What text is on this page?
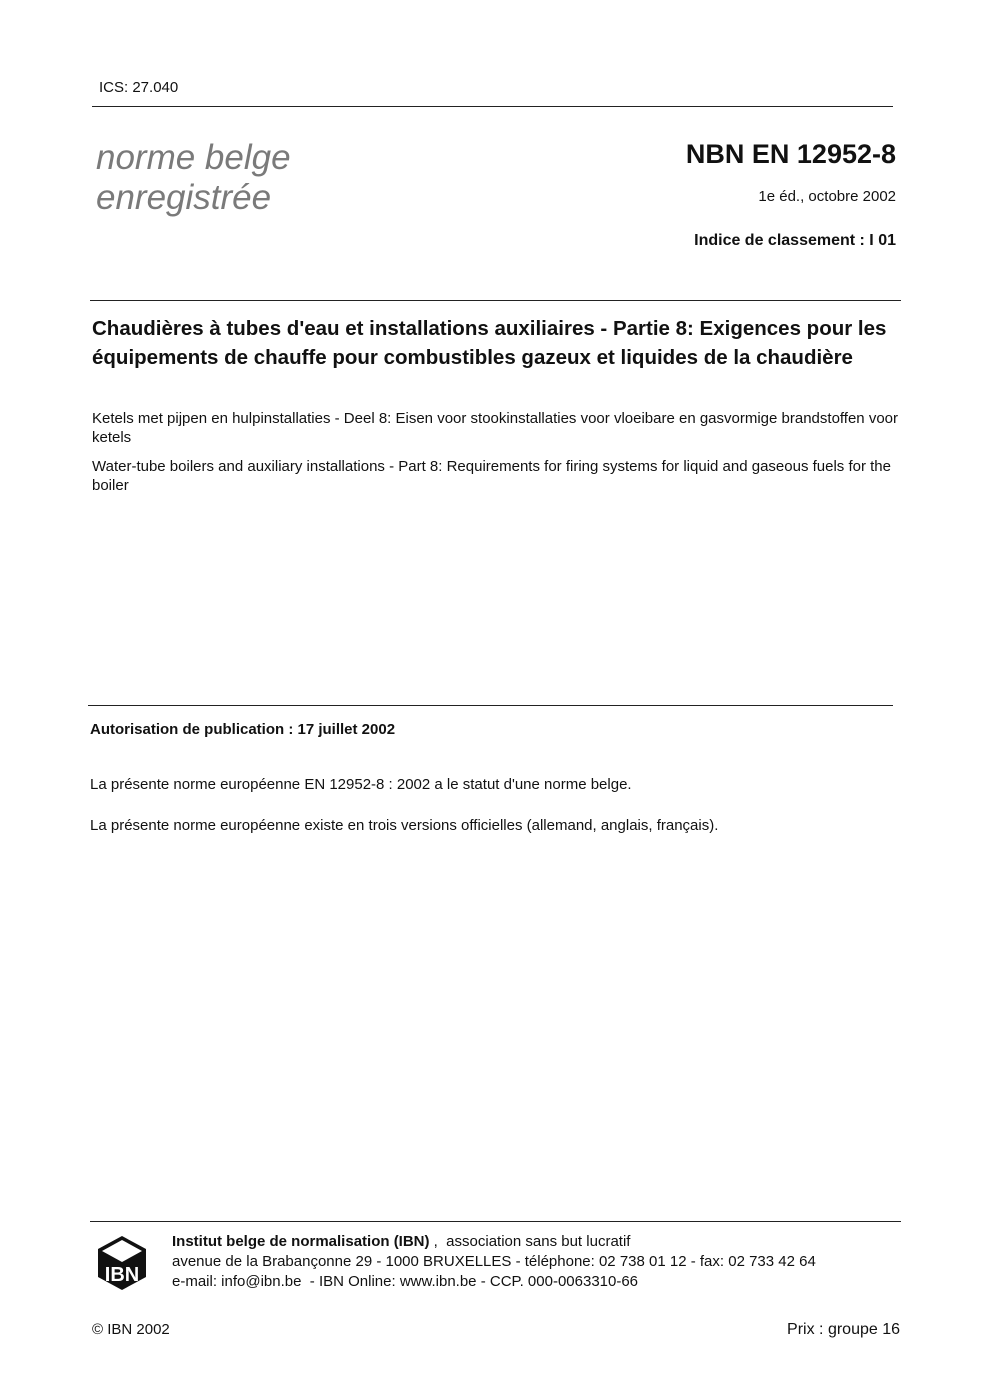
ICS: 27.040
norme belge
enregistrée
NBN EN 12952-8
1e éd., octobre 2002
Indice de classement : I 01
Chaudières à tubes d'eau et installations auxiliaires - Partie 8: Exigences pour les équipements de chauffe pour combustibles gazeux et liquides de la chaudière
Ketels met pijpen en hulpinstallaties - Deel 8: Eisen voor stookinstallaties voor vloeibare en gasvormige brandstoffen voor ketels
Water-tube boilers and auxiliary installations - Part 8: Requirements for firing systems for liquid and gaseous fuels for the boiler
Autorisation de publication : 17 juillet 2002
La présente norme européenne EN 12952-8 : 2002 a le statut d'une norme belge.
La présente norme européenne existe en trois versions officielles (allemand, anglais, français).
IBN
Institut belge de normalisation (IBN) ,  association sans but lucratif
avenue de la Brabançonne 29 - 1000 BRUXELLES - téléphone: 02 738 01 12 - fax: 02 733 42 64
e-mail: info@ibn.be  - IBN Online: www.ibn.be - CCP. 000-0063310-66
© IBN 2002	Prix : groupe 16
